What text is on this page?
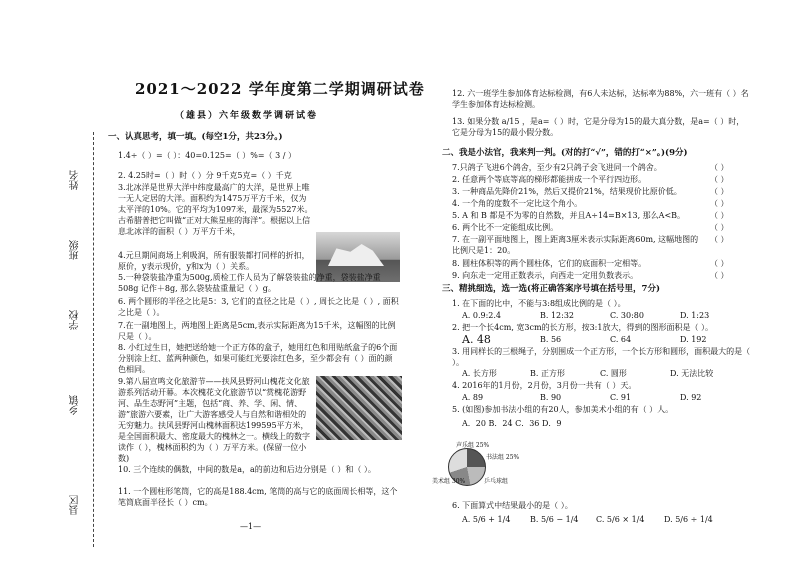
县区
乡镇
学校
班级
姓名
2021～2022 学年度第二学期调研试卷
（雄县）六年级数学调研试卷
一、认真思考，填一填。(每空1分，共23分。)
1.4÷（ ）=（ ）：40=0.125=（ ）%=（ 3 / ）
2. 4.25时=（ ）时（ ）分 9千克5克=（ ）千克
3.北冰洋是世界大洋中纬度最高广的大洋，是世界上唯一无人定居的大洋。面积约为1475万平方千米，仅为太平洋的10%。它的平均为1097米，最深为5527米。古希腊普把它叫做“正对大熊星座的海洋”。根据以上信息北冰洋的面积（ ）万平方千米，
4.元旦期间商场上利吸润，所有服装都打同样的折扣，原价，y表示现价，y和x为（ ）关系。
5.一种袋装盐净重为500g,质检工作人员为了解袋装盐的净重，袋装盐净重508g 记作＋8g, 那么袋装盐重量记（ ）g。
6. 两个圆形的半径之比是5：3, 它们的直径之比是（ ）, 周长之比是（ ）, 面积之比是（ ）。
7.在一副地图上，两地图上距离是5cm,表示实际距离为15千米，这幅图的比例尺是（ ）。
8. 小红过生日，她把送给她一个正方体的盒子，她用红色和用贴纸盒子的6个面分别涂上红、蓝两种颜色，如果可能红光要涂红色多，至少都会有（ ）面的颜色相同。
9.第八届宣鸣文化旅游节——扶风县野河山槐花文化旅游系列活动开幕。本次槐花文化旅游节以“赏槐花游野河、品生态野河”主题，包括“商、养、学、闲、情、游”旅游六要素，让广大游客感受人与自然和谐相处的无穷魅力。扶风县野河山槐林面积达199595平方米，是全国面积最大、密度最大的槐林之一。横线上的数字读作（ ），槐林面积约为（ ）万平方米。(保留一位小数)
10. 三个连续的偶数，中间的数是a，a的前边和后边分别是（ ）和（ ）。
11. 一个圆柱形笔筒，它的高是188.4cm, 笔筒的高与它的底面周长相等，这个笔筒底面半径长（ ）cm。
12. 六一班学生参加体育达标检测，有6人未达标，达标率为88%，六一班有（ ）名学生参加体育达标检测。
13. 如果分数 a/15 ，是a=（ ）时，它是分母为15的最大真分数，是a=（ ）时，它是分母为15的最小假分数。
二、我是小法官，我来判一判。(对的打“√”，错的打“×”。)(9分)
7.只鸽子飞进6个鸽舍，至少有2只鸽子会飞进同一个鸽舍。	（ ）
2. 任意两个等底等高的梯形都能拼成一个平行四边形。	（ ）
3. 一种商品先降价21%，然后又提价21%，结果现价比原价低。	（ ）
4. 一个角的度数不一定比这个角小。	（ ）
5. A 和 B 都是不为零的自然数，并且A÷14=B×13, 那么A<B。	（ ）
6. 两个比不一定能组成比例。	（ ）
7. 在一副平面地图上，图上距离3厘米表示实际距离60m, 这幅地图的比例尺是1：20。
（ ）
8. 圆柱体积等的两个圆柱体，它们的底面积一定相等。	（ ）
9. 向东走一定用正数表示，向西走一定用负数表示。	（ ）
三、精挑细选，选一选(将正确答案序号填在括号里，7分)
1. 在下面的比中，不能与3:8组成比例的是（ ）。
A. 0.9:2.4	B. 12:32	C. 30:80	D. 1:23
2. 把一个长4cm, 宽3cm的长方形，按3:1放大，得到的图形面积是（ ）。
A. 48	B. 56	C. 64	D. 192
3. 用同样长的三根绳子，分别围成一个正方形，一个长方形和圆形，面积最大的是（ ）。
A. 长方形	B. 正方形	C. 圆形	D. 无法比较
4. 2016年的1月份，2月份，3月份一共有（ ）天。
A. 89	B. 90	C. 91	D. 92
5. (如图)参加书法小组的有20人，参加美术小组的有（ ）人。
A．20 B．24 C．36 D．9
声乐组 25%
书法组 25%
美术组 30%	乒乓球组
6. 下面算式中结果最小的是（ ）。
A. 5/6 + 1/4 B. 5/6 − 1/4 C. 5/6 × 1/4 D. 5/6 ÷ 1/4
—1—
